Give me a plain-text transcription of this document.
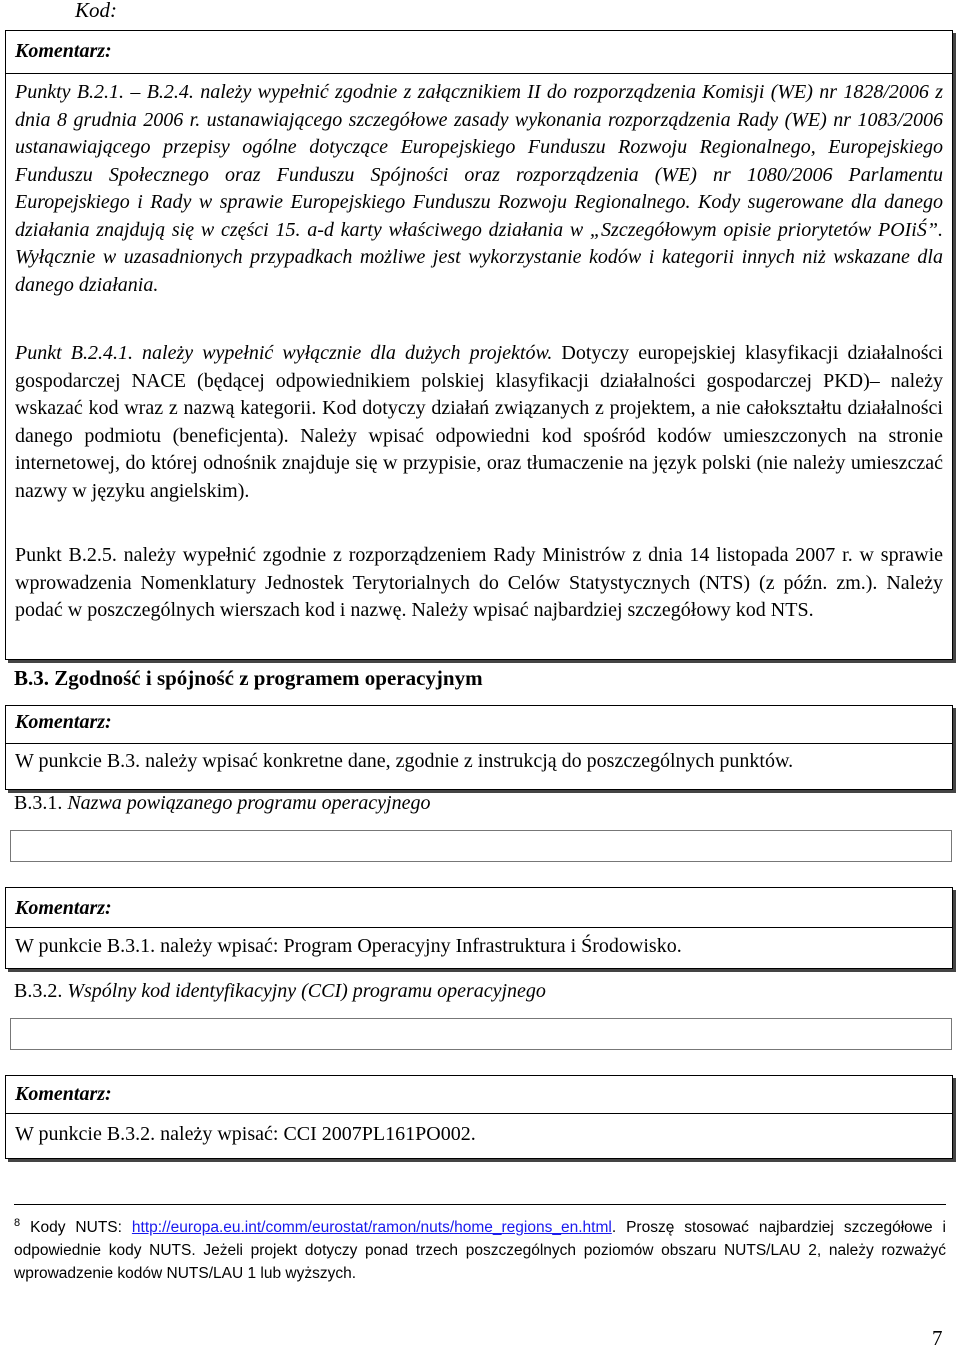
Kod:
Komentarz:
Punkty B.2.1. – B.2.4. należy wypełnić zgodnie z załącznikiem II do rozporządzenia Komisji (WE) nr 1828/2006 z dnia 8 grudnia 2006 r. ustanawiającego szczegółowe zasady wykonania rozporządzenia Rady (WE) nr 1083/2006 ustanawiającego przepisy ogólne dotyczące Europejskiego Funduszu Rozwoju Regionalnego, Europejskiego Funduszu Społecznego oraz Funduszu Spójności oraz rozporządzenia (WE) nr 1080/2006 Parlamentu Europejskiego i Rady w sprawie Europejskiego Funduszu Rozwoju Regionalnego. Kody sugerowane dla danego działania znajdują się w części 15. a-d karty właściwego działania w „Szczegółowym opisie priorytetów POIiŚ”. Wyłącznie w uzasadnionych przypadkach możliwe jest wykorzystanie kodów i kategorii innych niż wskazane dla danego działania.
Punkt B.2.4.1. należy wypełnić wyłącznie dla dużych projektów. Dotyczy europejskiej klasyfikacji działalności gospodarczej NACE (będącej odpowiednikiem polskiej klasyfikacji działalności gospodarczej PKD)– należy wskazać kod wraz z nazwą kategorii. Kod dotyczy działań związanych z projektem, a nie całokształtu działalności danego podmiotu (beneficjenta). Należy wpisać odpowiedni kod spośród kodów umieszczonych na stronie internetowej, do której odnośnik znajduje się w przypisie, oraz tłumaczenie na język polski (nie należy umieszczać nazwy w języku angielskim).
Punkt B.2.5. należy wypełnić zgodnie z rozporządzeniem Rady Ministrów z dnia 14 listopada 2007 r. w sprawie wprowadzenia Nomenklatury Jednostek Terytorialnych do Celów Statystycznych (NTS) (z późn. zm.). Należy podać w poszczególnych wierszach kod i nazwę. Należy wpisać najbardziej szczegółowy kod NTS.
B.3. Zgodność i spójność z programem operacyjnym
Komentarz:
W punkcie B.3. należy wpisać konkretne dane, zgodnie z instrukcją do poszczególnych punktów.
B.3.1. Nazwa powiązanego programu operacyjnego
Komentarz:
W punkcie B.3.1. należy wpisać: Program Operacyjny Infrastruktura i Środowisko.
B.3.2. Wspólny kod identyfikacyjny (CCI) programu operacyjnego
Komentarz:
W punkcie B.3.2. należy wpisać: CCI 2007PL161PO002.
$^8$ Kody NUTS: http://europa.eu.int/comm/eurostat/ramon/nuts/home_regions_en.html. Proszę stosować najbardziej szczegółowe i odpowiednie kody NUTS. Jeżeli projekt dotyczy ponad trzech poszczególnych poziomów obszaru NUTS/LAU 2, należy rozważyć wprowadzenie kodów NUTS/LAU 1 lub wyższych.
7
